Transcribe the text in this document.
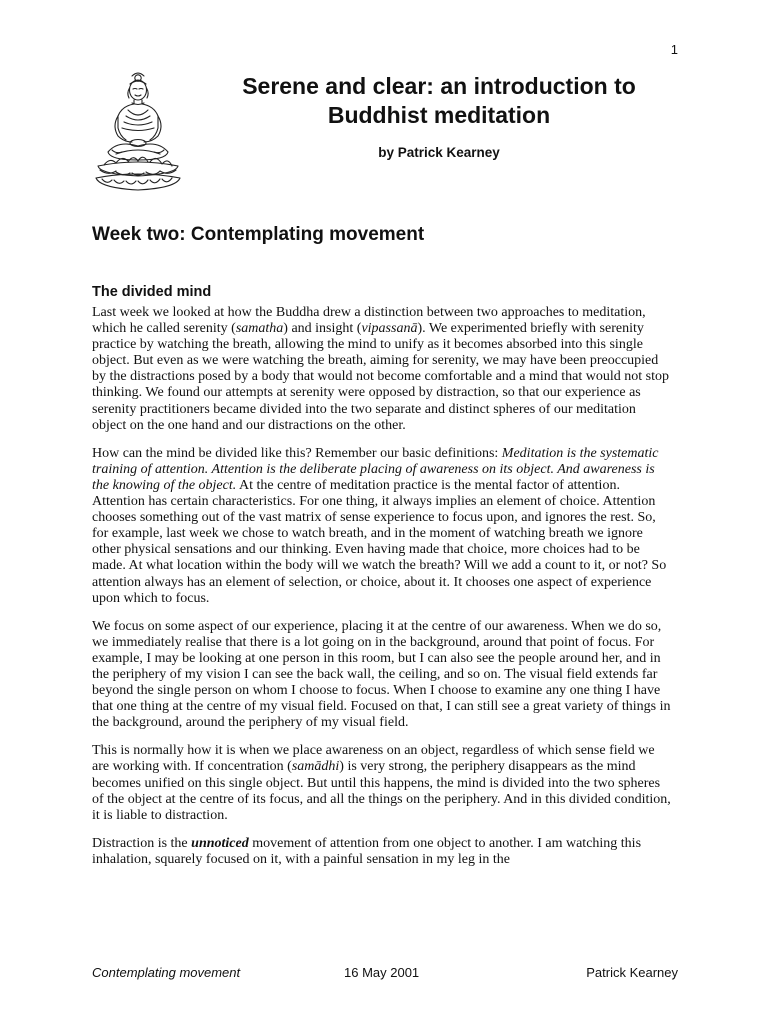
1
Serene and clear: an introduction to
Buddhist meditation

by Patrick Kearney

Week two: Contemplating movement
The divided mind

Last week we looked at how the Buddha drew a distinction between two approaches to meditation, which he called serenity (samatha) and insight (vipassanā). We experimented briefly with serenity practice by watching the breath, allowing the mind to unify as it becomes absorbed into this single object. But even as we were watching the breath, aiming for serenity, we may have been preoccupied by the distractions posed by a body that would not become comfortable and a mind that would not stop thinking. We found our attempts at serenity were opposed by distraction, so that our experience as serenity practitioners became divided into the two separate and distinct spheres of our meditation object on the one hand and our distractions on the other.

How can the mind be divided like this? Remember our basic definitions: Meditation is the systematic training of attention. Attention is the deliberate placing of awareness on its object. And awareness is the knowing of the object. At the centre of meditation practice is the mental factor of attention. Attention has certain characteristics. For one thing, it always implies an element of choice. Attention chooses something out of the vast matrix of sense experience to focus upon, and ignores the rest. So, for example, last week we chose to watch breath, and in the moment of watching breath we ignore other physical sensations and our thinking. Even having made that choice, more choices had to be made. At what location within the body will we watch the breath? Will we add a count to it, or not? So attention always has an element of selection, or choice, about it. It chooses one aspect of experience upon which to focus.

We focus on some aspect of our experience, placing it at the centre of our awareness. When we do so, we immediately realise that there is a lot going on in the background, around that point of focus. For example, I may be looking at one person in this room, but I can also see the people around her, and in the periphery of my vision I can see the back wall, the ceiling, and so on. The visual field extends far beyond the single person on whom I choose to focus. When I choose to examine any one thing I have that one thing at the centre of my visual field. Focused on that, I can still see a great variety of things in the background, around the periphery of my visual field.

This is normally how it is when we place awareness on an object, regardless of which sense field we are working with. If concentration (samādhi) is very strong, the periphery disappears as the mind becomes unified on this single object. But until this happens, the mind is divided into the two spheres of the object at the centre of its focus, and all the things on the periphery. And in this divided condition, it is liable to distraction.

Distraction is the unnoticed movement of attention from one object to another. I am watching this inhalation, squarely focused on it, with a painful sensation in my leg in the

Contemplating movement	16 May 2001	Patrick Kearney
